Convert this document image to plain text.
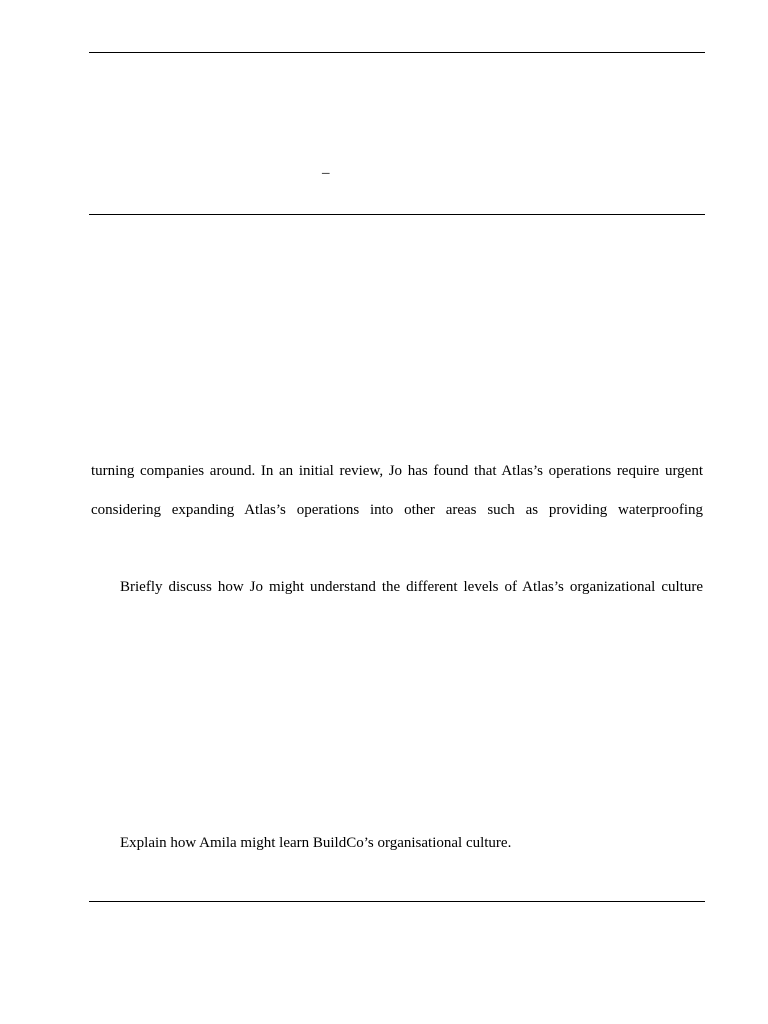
–
turning companies around. In an initial review, Jo has found that Atlas’s operations require urgent
considering expanding Atlas’s operations into other areas such as providing waterproofing
Briefly discuss how Jo might understand the different levels of Atlas’s organizational culture
Explain how Amila might learn BuildCo’s organisational culture.
